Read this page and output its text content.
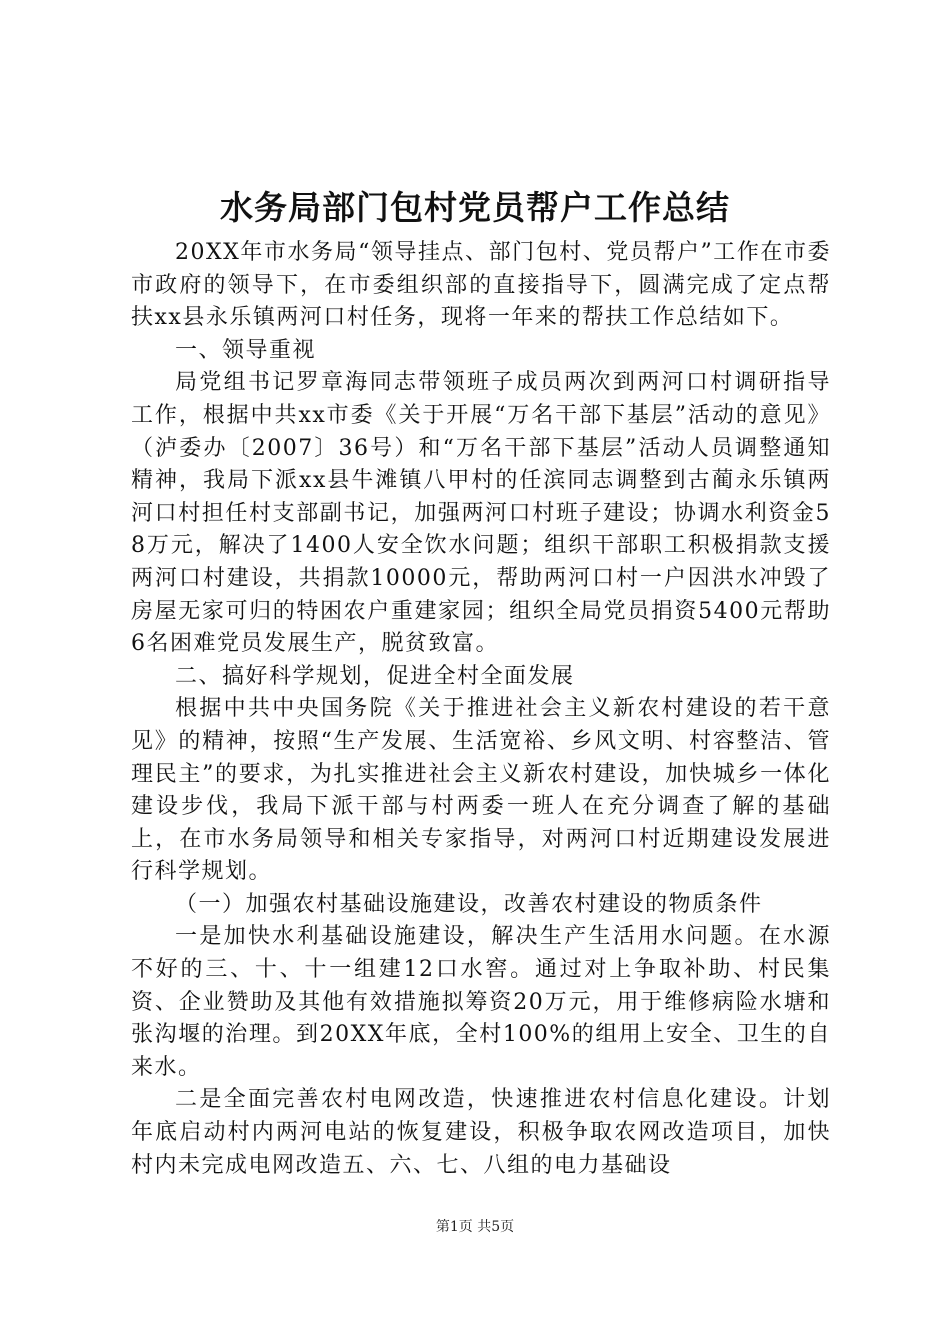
水务局部门包村党员帮户工作总结

20XX年市水务局“领导挂点、部门包村、党员帮户”工作在市委市政府的领导下，在市委组织部的直接指导下，圆满完成了定点帮扶xx县永乐镇两河口村任务，现将一年来的帮扶工作总结如下。

一、领导重视

局党组书记罗章海同志带领班子成员两次到两河口村调研指导工作，根据中共xx市委《关于开展“万名干部下基层”活动的意见》（泸委办〔2007〕36号）和“万名干部下基层”活动人员调整通知精神，我局下派xx县牛滩镇八甲村的任滨同志调整到古蔺永乐镇两河口村担任村支部副书记，加强两河口村班子建设；协调水利资金58万元，解决了1400人安全饮水问题；组织干部职工积极捐款支援两河口村建设，共捐款10000元，帮助两河口村一户因洪水冲毁了房屋无家可归的特困农户重建家园；组织全局党员捐资5400元帮助6名困难党员发展生产，脱贫致富。

二、搞好科学规划，促进全村全面发展

根据中共中央国务院《关于推进社会主义新农村建设的若干意见》的精神，按照“生产发展、生活宽裕、乡风文明、村容整洁、管理民主”的要求，为扎实推进社会主义新农村建设，加快城乡一体化建设步伐，我局下派干部与村两委一班人在充分调查了解的基础上，在市水务局领导和相关专家指导，对两河口村近期建设发展进行科学规划。

（一）加强农村基础设施建设，改善农村建设的物质条件

一是加快水利基础设施建设，解决生产生活用水问题。在水源不好的三、十、十一组建12口水窖。通过对上争取补助、村民集资、企业赞助及其他有效措施拟筹资20万元，用于维修病险水塘和张沟堰的治理。到20XX年底，全村100%的组用上安全、卫生的自来水。

二是全面完善农村电网改造，快速推进农村信息化建设。计划年底启动村内两河电站的恢复建设，积极争取农网改造项目，加快村内未完成电网改造五、六、七、八组的电力基础设

第1页 共5页
